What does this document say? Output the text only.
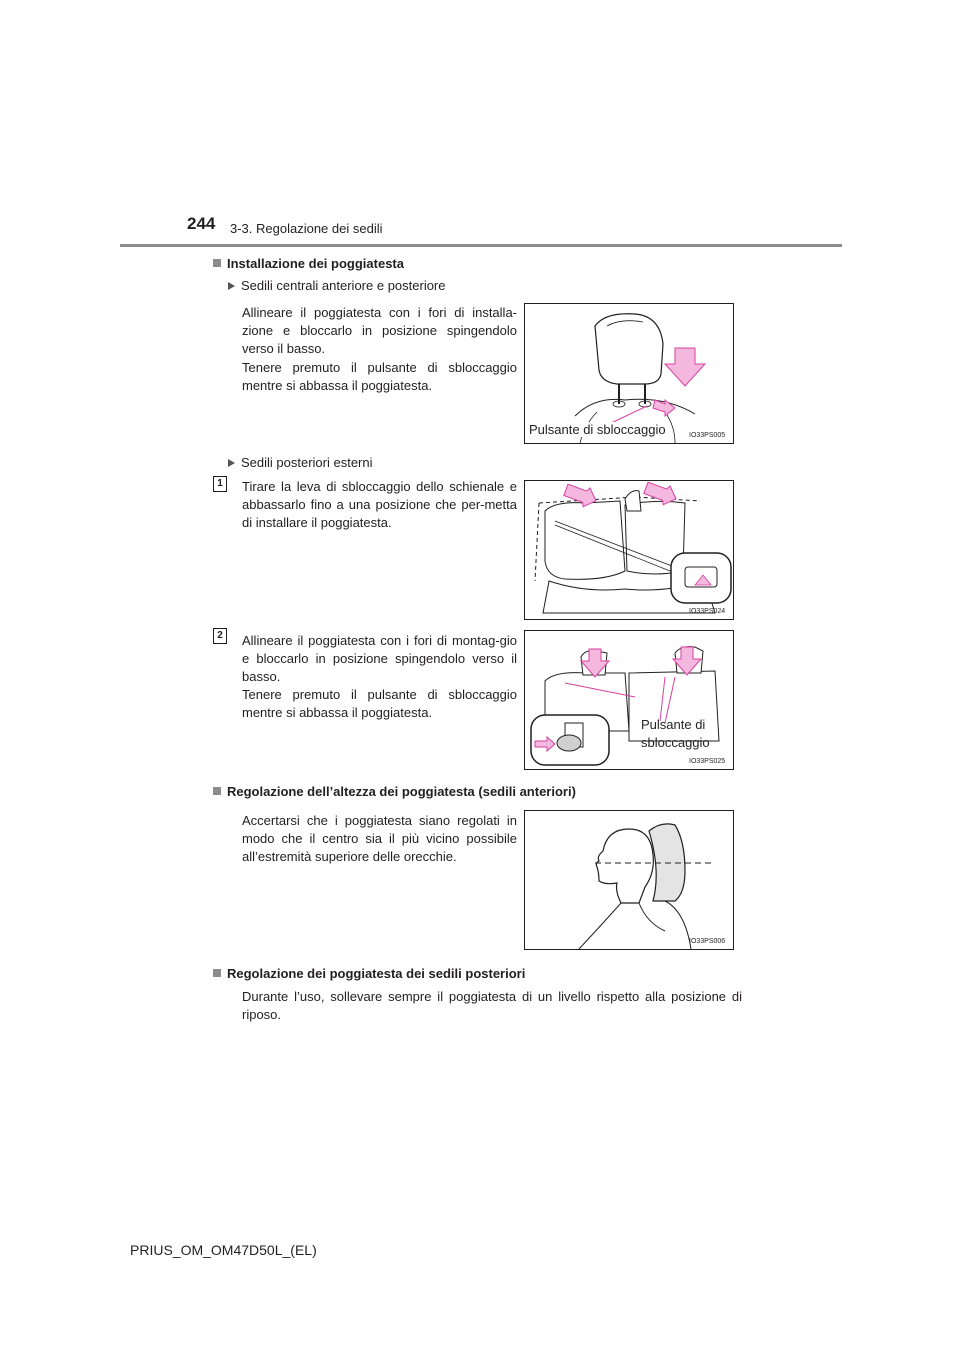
244 3-3. Regolazione dei sedili
Installazione dei poggiatesta
Sedili centrali anteriore e posteriore
Allineare il poggiatesta con i fori di installa-zione e bloccarlo in posizione spingendolo verso il basso.
Tenere premuto il pulsante di sbloccaggio mentre si abbassa il poggiatesta.
Pulsante di sbloccaggio	IO33PS005
Sedili posteriori esterni
1	Tirare la leva di sbloccaggio dello schienale e abbassarlo fino a una posizione che per-metta di installare il poggiatesta.
IO33PS024
2	Allineare il poggiatesta con i fori di montag-gio e bloccarlo in posizione spingendolo verso il basso.
Tenere premuto il pulsante di sbloccaggio mentre si abbassa il poggiatesta.
Pulsante di
sbloccaggio
IO33PS025
Regolazione dell’altezza dei poggiatesta (sedili anteriori)
Accertarsi che i poggiatesta siano regolati in modo che il centro sia il più vicino possibile all’estremità superiore delle orecchie.
IO33PS006
Regolazione dei poggiatesta dei sedili posteriori
Durante l’uso, sollevare sempre il poggiatesta di un livello rispetto alla posizione di riposo.
PRIUS_OM_OM47D50L_(EL)
